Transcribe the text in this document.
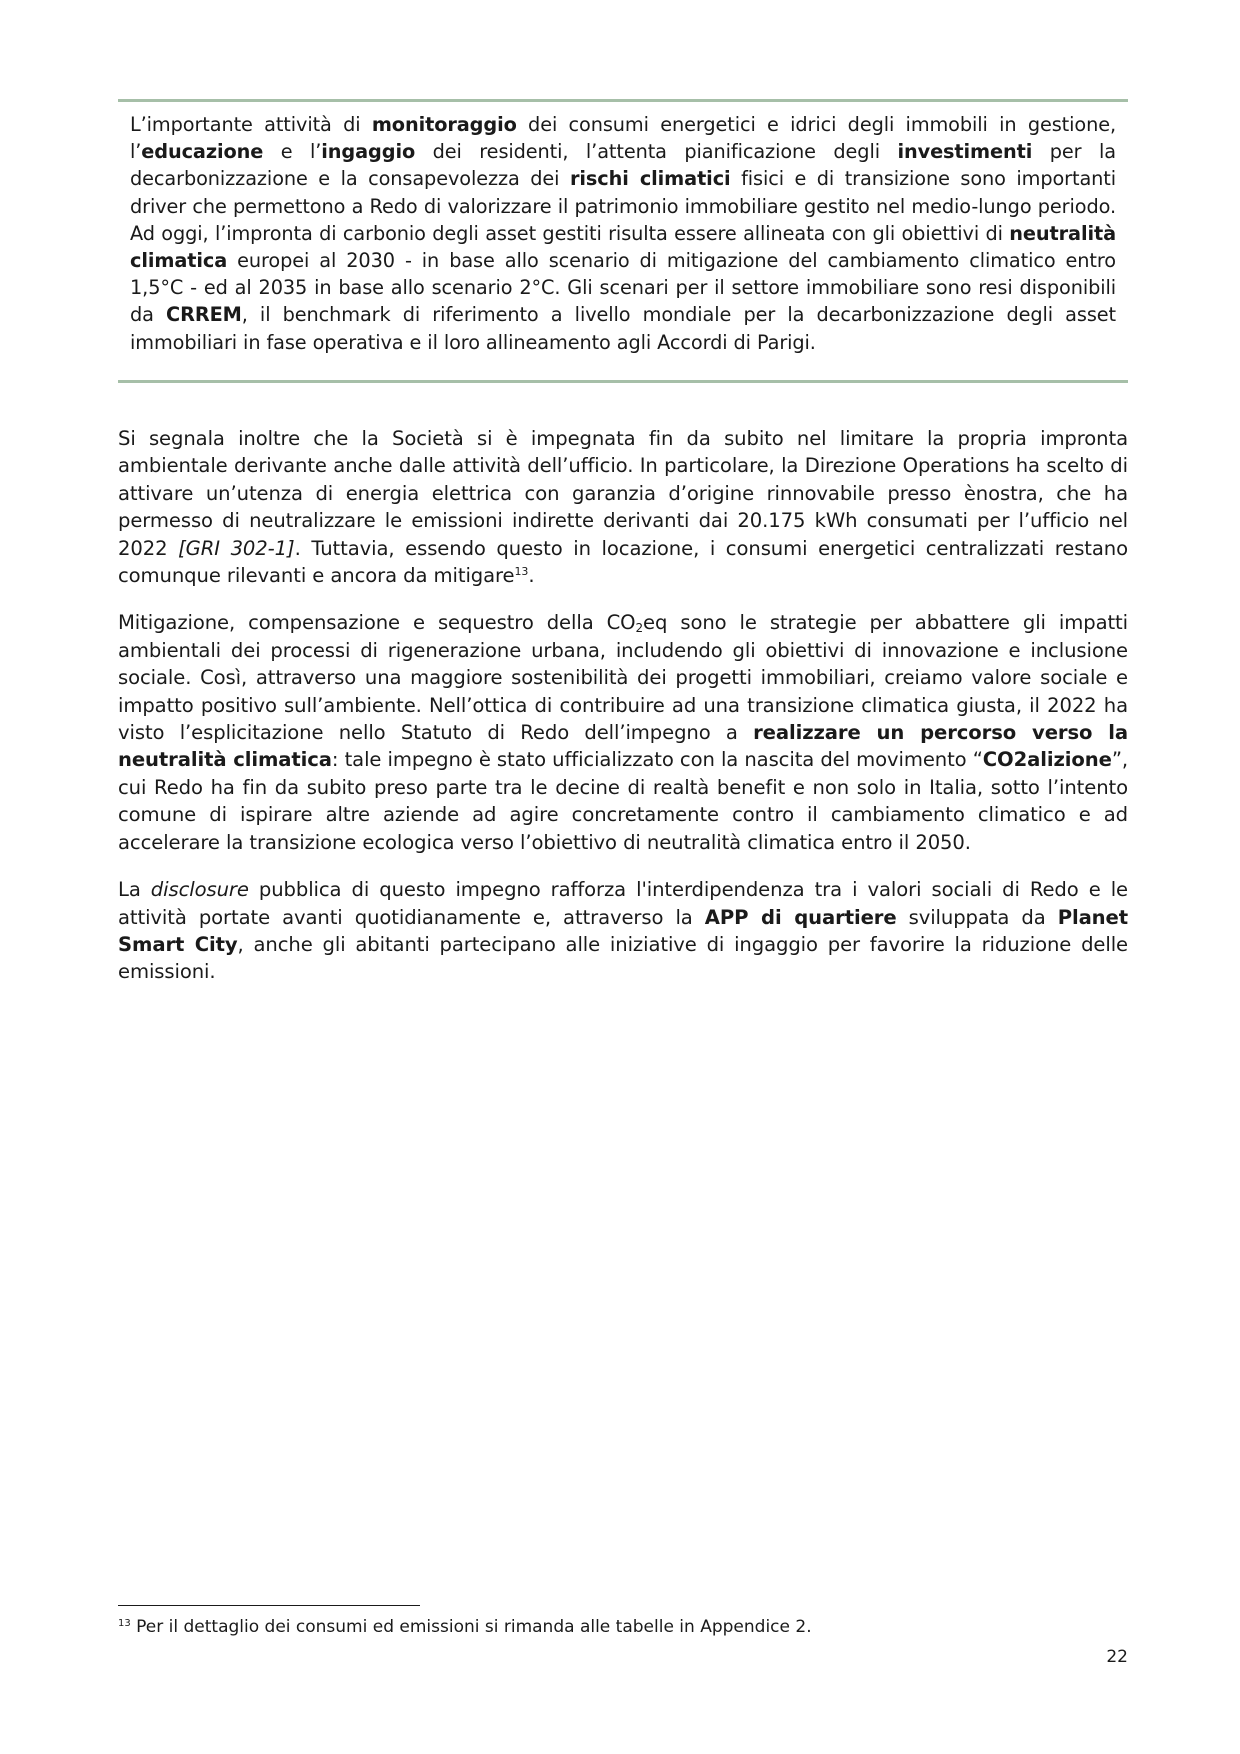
L’importante attività di monitoraggio dei consumi energetici e idrici degli immobili in gestione, l’educazione e l’ingaggio dei residenti, l’attenta pianificazione degli investimenti per la decarbonizzazione e la consapevolezza dei rischi climatici fisici e di transizione sono importanti driver che permettono a Redo di valorizzare il patrimonio immobiliare gestito nel medio-lungo periodo. Ad oggi, l’impronta di carbonio degli asset gestiti risulta essere allineata con gli obiettivi di neutralità climatica europei al 2030 - in base allo scenario di mitigazione del cambiamento climatico entro 1,5°C - ed al 2035 in base allo scenario 2°C. Gli scenari per il settore immobiliare sono resi disponibili da CRREM, il benchmark di riferimento a livello mondiale per la decarbonizzazione degli asset immobiliari in fase operativa e il loro allineamento agli Accordi di Parigi.

Si segnala inoltre che la Società si è impegnata fin da subito nel limitare la propria impronta ambientale derivante anche dalle attività dell’ufficio. In particolare, la Direzione Operations ha scelto di attivare un’utenza di energia elettrica con garanzia d’origine rinnovabile presso ènostra, che ha permesso di neutralizzare le emissioni indirette derivanti dai 20.175 kWh consumati per l’ufficio nel 2022 [GRI 302-1]. Tuttavia, essendo questo in locazione, i consumi energetici centralizzati restano comunque rilevanti e ancora da mitigare$^{13}$.

Mitigazione, compensazione e sequestro della $CO_2eq$ sono le strategie per abbattere gli impatti ambientali dei processi di rigenerazione urbana, includendo gli obiettivi di innovazione e inclusione sociale. Così, attraverso una maggiore sostenibilità dei progetti immobiliari, creiamo valore sociale e impatto positivo sull’ambiente. Nell’ottica di contribuire ad una transizione climatica giusta, il 2022 ha visto l’esplicitazione nello Statuto di Redo dell’impegno a realizzare un percorso verso la neutralità climatica: tale impegno è stato ufficializzato con la nascita del movimento “CO2alizione”, cui Redo ha fin da subito preso parte tra le decine di realtà benefit e non solo in Italia, sotto l’intento comune di ispirare altre aziende ad agire concretamente contro il cambiamento climatico e ad accelerare la transizione ecologica verso l’obiettivo di neutralità climatica entro il 2050.

La disclosure pubblica di questo impegno rafforza l'interdipendenza tra i valori sociali di Redo e le attività portate avanti quotidianamente e, attraverso la APP di quartiere sviluppata da Planet Smart City, anche gli abitanti partecipano alle iniziative di ingaggio per favorire la riduzione delle emissioni.

$^{13}$ Per il dettaglio dei consumi ed emissioni si rimanda alle tabelle in Appendice 2.
22
